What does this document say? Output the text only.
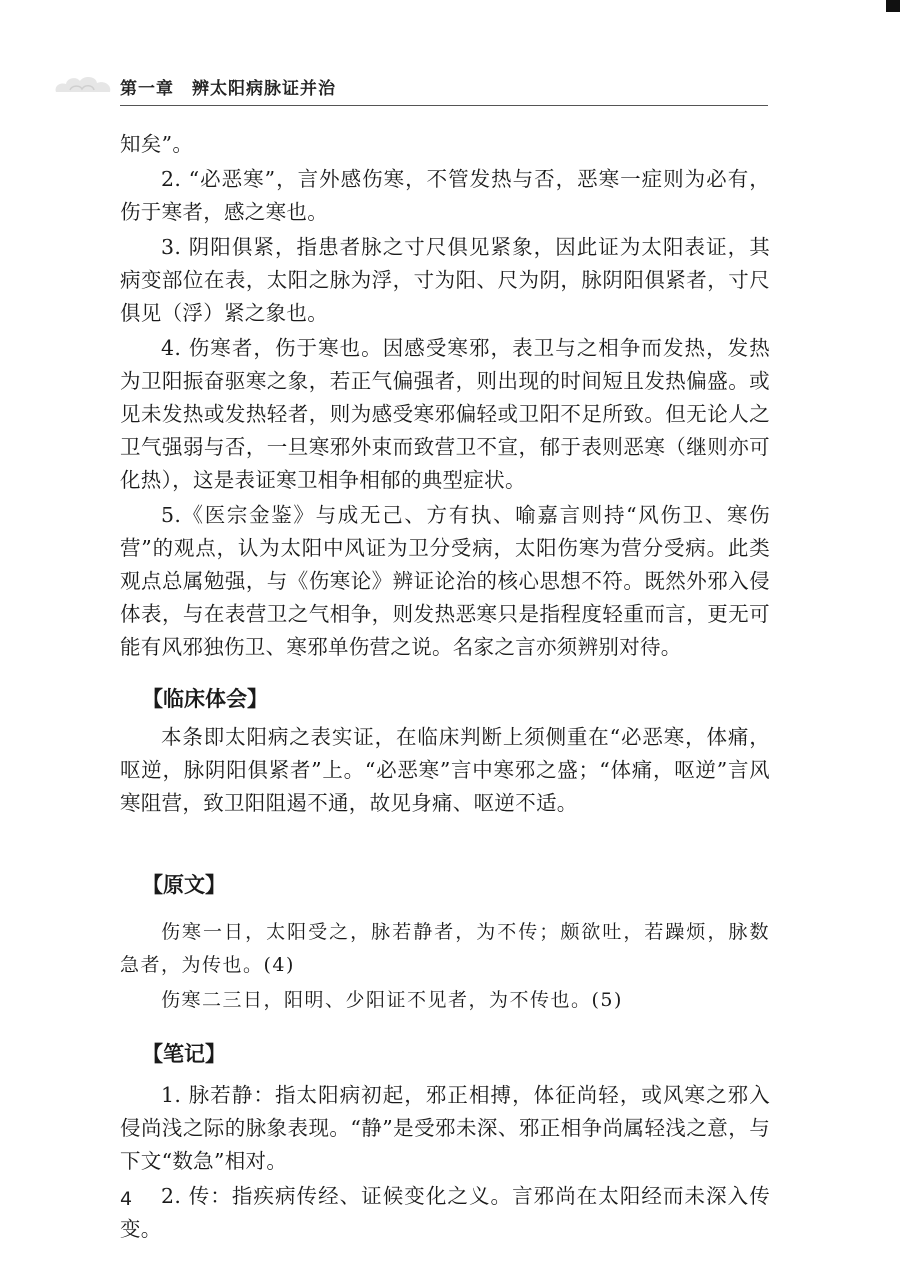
第一章　辨太阳病脉证并治

知矣”。

2. “必恶寒”，言外感伤寒，不管发热与否，恶寒一症则为必有，伤于寒者，感之寒也。

3. 阴阳俱紧，指患者脉之寸尺俱见紧象，因此证为太阳表证，其病变部位在表，太阳之脉为浮，寸为阳、尺为阴，脉阴阳俱紧者，寸尺俱见（浮）紧之象也。

4. 伤寒者，伤于寒也。因感受寒邪，表卫与之相争而发热，发热为卫阳振奋驱寒之象，若正气偏强者，则出现的时间短且发热偏盛。或见未发热或发热轻者，则为感受寒邪偏轻或卫阳不足所致。但无论人之卫气强弱与否，一旦寒邪外束而致营卫不宣，郁于表则恶寒（继则亦可化热），这是表证寒卫相争相郁的典型症状。

5.《医宗金鉴》与成无己、方有执、喻嘉言则持“风伤卫、寒伤营”的观点，认为太阳中风证为卫分受病，太阳伤寒为营分受病。此类观点总属勉强，与《伤寒论》辨证论治的核心思想不符。既然外邪入侵体表，与在表营卫之气相争，则发热恶寒只是指程度轻重而言，更无可能有风邪独伤卫、寒邪单伤营之说。名家之言亦须辨别对待。

【临床体会】

本条即太阳病之表实证，在临床判断上须侧重在“必恶寒，体痛，呕逆，脉阴阳俱紧者”上。“必恶寒”言中寒邪之盛；“体痛，呕逆”言风寒阻营，致卫阳阻遏不通，故见身痛、呕逆不适。

【原文】

伤寒一日，太阳受之，脉若静者，为不传；颇欲吐，若躁烦，脉数急者，为传也。(4)

伤寒二三日，阳明、少阳证不见者，为不传也。(5)

【笔记】

1. 脉若静：指太阳病初起，邪正相搏，体征尚轻，或风寒之邪入侵尚浅之际的脉象表现。“静”是受邪未深、邪正相争尚属轻浅之意，与下文“数急”相对。

2. 传：指疾病传经、证候变化之义。言邪尚在太阳经而未深入传变。

4
